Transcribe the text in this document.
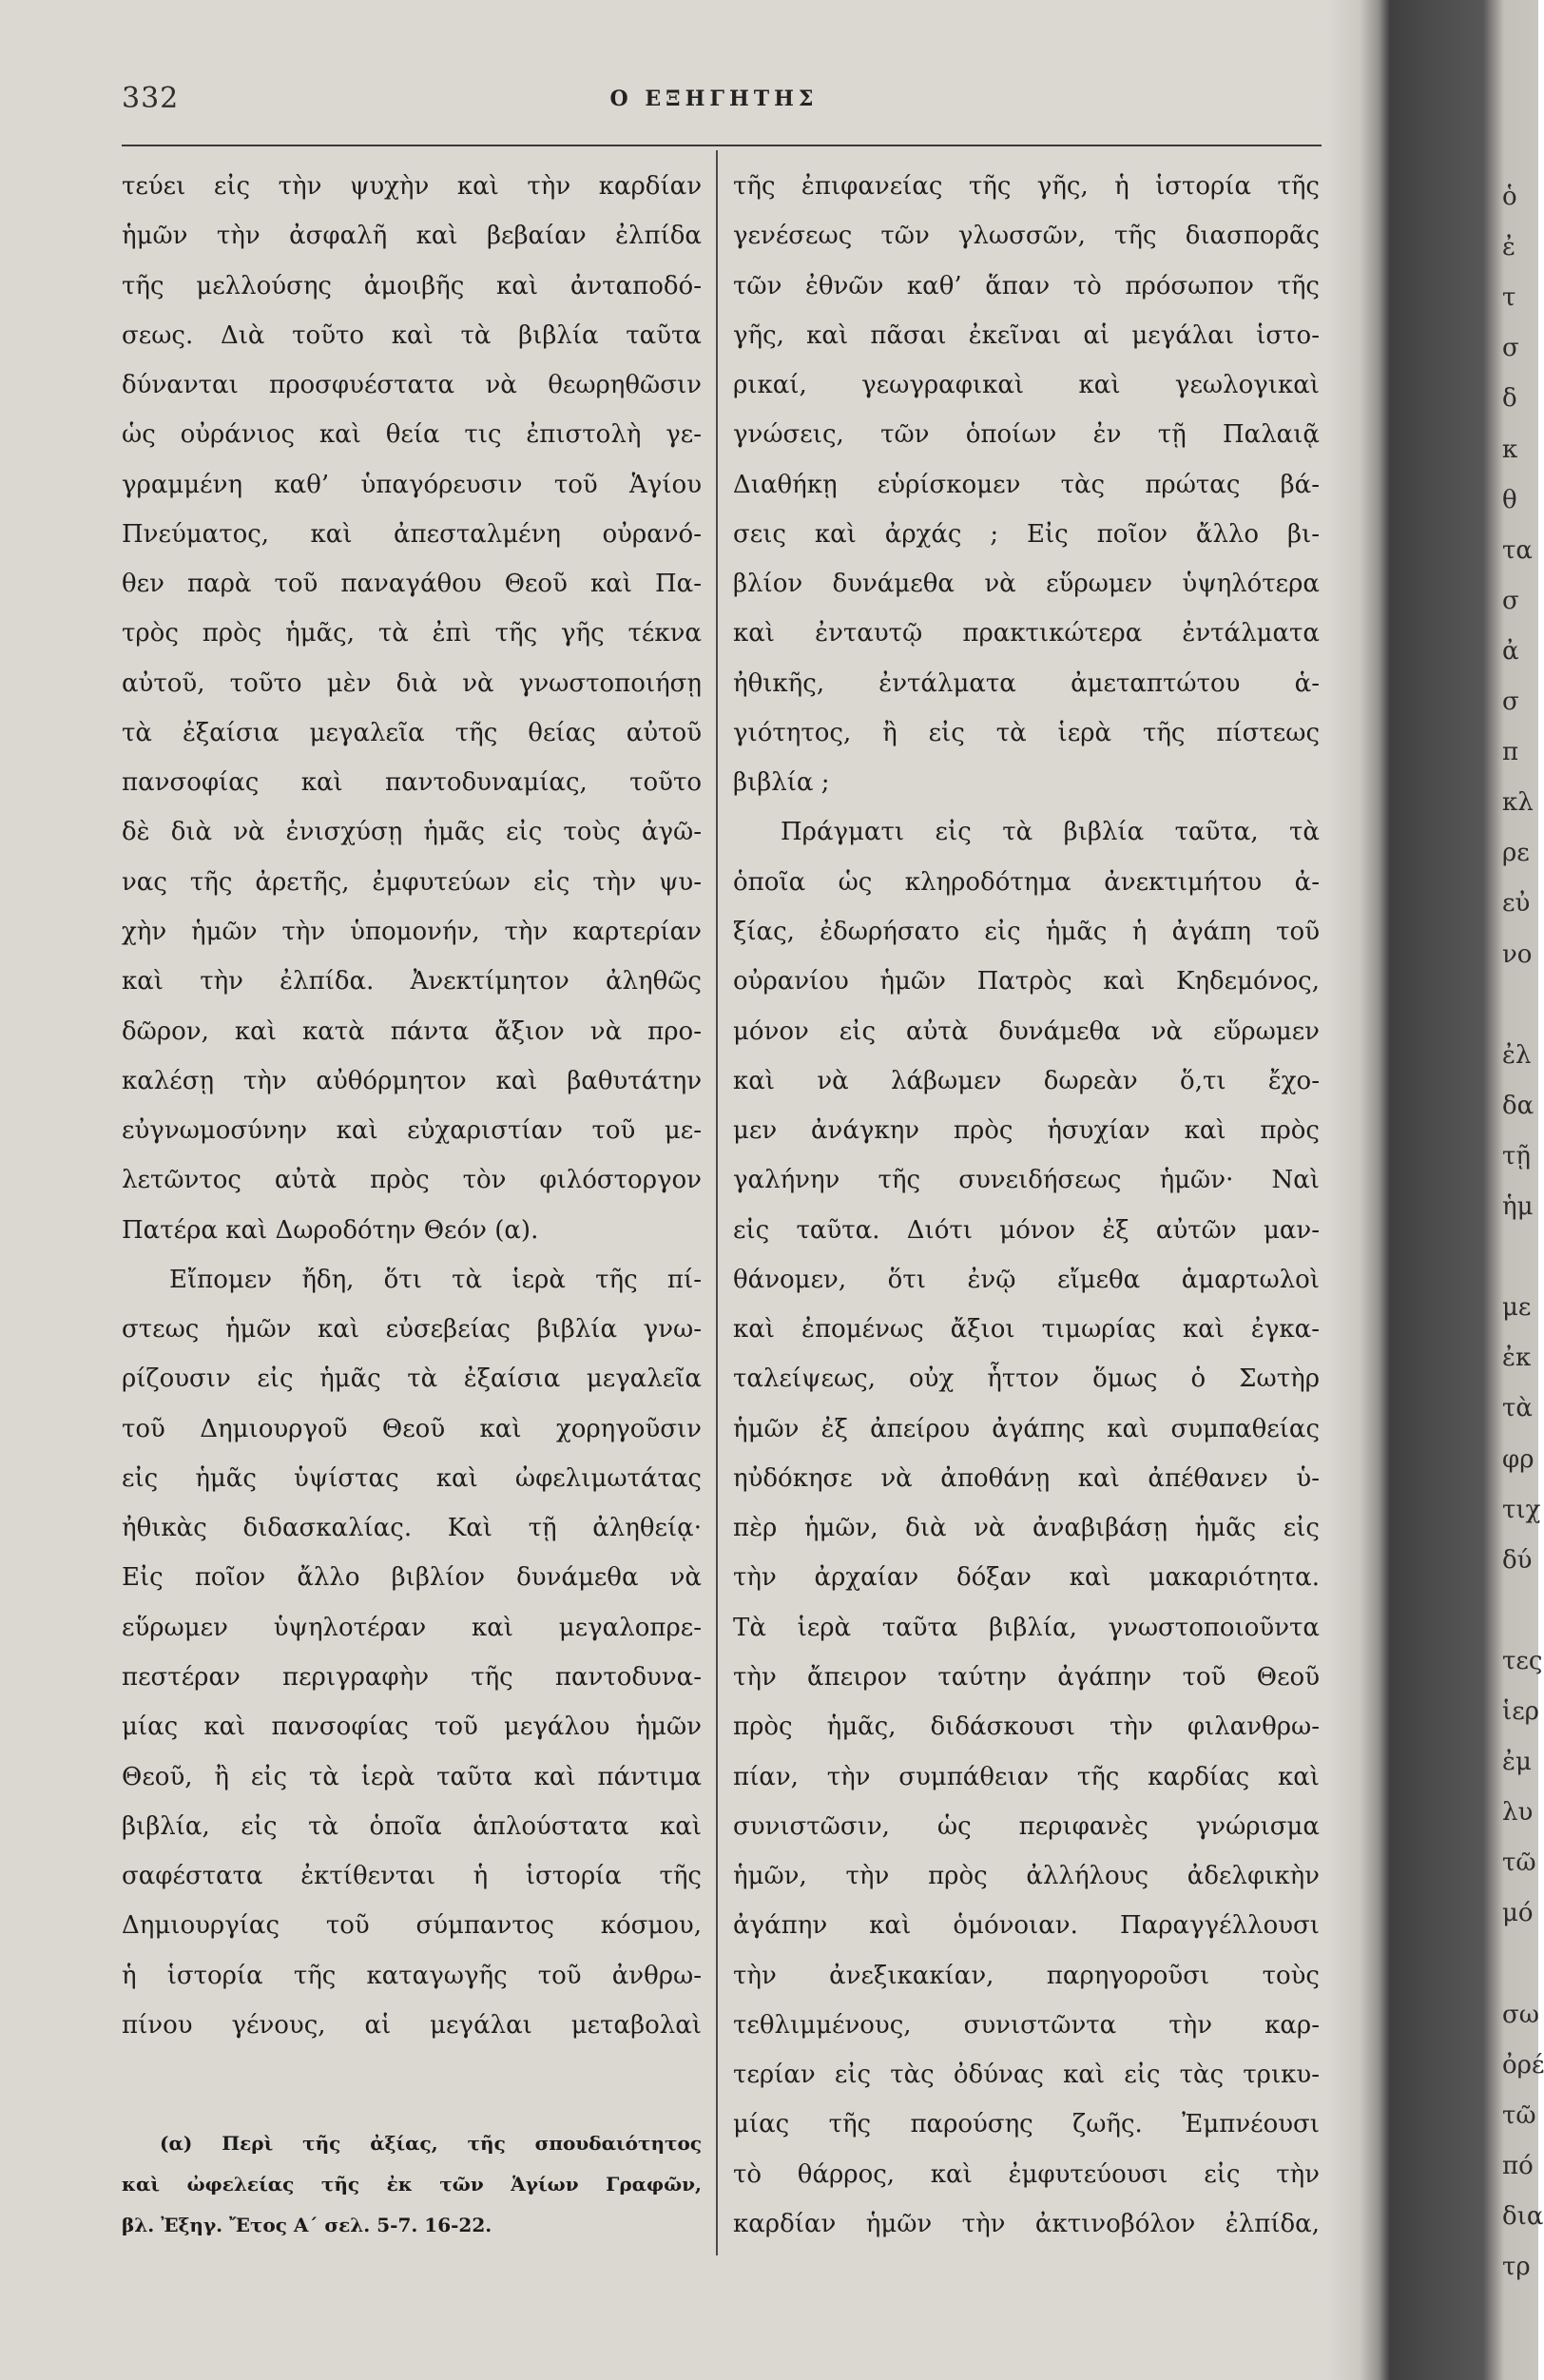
332	Ο ΕΞΗΓΗΤΗΣ
τεύει εἰς τὴν ψυχὴν καὶ τὴν καρδίαν
ἡμῶν τὴν ἀσφαλῆ καὶ βεβαίαν ἐλπίδα
τῆς μελλούσης ἀμοιβῆς καὶ ἀνταποδό-
σεως. Διὰ τοῦτο καὶ τὰ βιβλία ταῦτα
δύνανται προσφυέστατα νὰ θεωρηθῶσιν
ὡς οὐράνιος καὶ θεία τις ἐπιστολὴ γε-
γραμμένη καθ’ ὑπαγόρευσιν τοῦ Ἁγίου
Πνεύματος, καὶ ἀπεσταλμένη οὐρανό-
θεν παρὰ τοῦ παναγάθου Θεοῦ καὶ Πα-
τρὸς πρὸς ἡμᾶς, τὰ ἐπὶ τῆς γῆς τέκνα
αὐτοῦ, τοῦτο μὲν διὰ νὰ γνωστοποιήσῃ
τὰ ἐξαίσια μεγαλεῖα τῆς θείας αὐτοῦ
πανσοφίας καὶ παντοδυναμίας, τοῦτο
δὲ διὰ νὰ ἐνισχύσῃ ἡμᾶς εἰς τοὺς ἀγῶ-
νας τῆς ἀρετῆς, ἐμφυτεύων εἰς τὴν ψυ-
χὴν ἡμῶν τὴν ὑπομονήν, τὴν καρτερίαν
καὶ τὴν ἐλπίδα. Ἀνεκτίμητον ἀληθῶς
δῶρον, καὶ κατὰ πάντα ἄξιον νὰ προ-
καλέσῃ τὴν αὐθόρμητον καὶ βαθυτάτην
εὐγνωμοσύνην καὶ εὐχαριστίαν τοῦ με-
λετῶντος αὐτὰ πρὸς τὸν φιλόστοργον
Πατέρα καὶ Δωροδότην Θεόν (α).
Εἴπομεν ἤδη, ὅτι τὰ ἱερὰ τῆς πί-
στεως ἡμῶν καὶ εὐσεβείας βιβλία γνω-
ρίζουσιν εἰς ἡμᾶς τὰ ἐξαίσια μεγαλεῖα
τοῦ Δημιουργοῦ Θεοῦ καὶ χορηγοῦσιν
εἰς ἡμᾶς ὑψίστας καὶ ὠφελιμωτάτας
ἠθικὰς διδασκαλίας. Καὶ τῇ ἀληθείᾳ·
Εἰς ποῖον ἄλλο βιβλίον δυνάμεθα νὰ
εὕρωμεν ὑψηλοτέραν καὶ μεγαλοπρε-
πεστέραν περιγραφὴν τῆς παντοδυνα-
μίας καὶ πανσοφίας τοῦ μεγάλου ἡμῶν
Θεοῦ, ἢ εἰς τὰ ἱερὰ ταῦτα καὶ πάντιμα
βιβλία, εἰς τὰ ὁποῖα ἁπλούστατα καὶ
σαφέστατα ἐκτίθενται ἡ ἱστορία τῆς
Δημιουργίας τοῦ σύμπαντος κόσμου,
ἡ ἱστορία τῆς καταγωγῆς τοῦ ἀνθρω-
πίνου γένους, αἱ μεγάλαι μεταβολαὶ
τῆς ἐπιφανείας τῆς γῆς, ἡ ἱστορία τῆς
γενέσεως τῶν γλωσσῶν, τῆς διασπορᾶς
τῶν ἐθνῶν καθ’ ἅπαν τὸ πρόσωπον τῆς
γῆς, καὶ πᾶσαι ἐκεῖναι αἱ μεγάλαι ἱστο-
ρικαί, γεωγραφικαὶ καὶ γεωλογικαὶ
γνώσεις, τῶν ὁποίων ἐν τῇ Παλαιᾷ
Διαθήκῃ εὑρίσκομεν τὰς πρώτας βά-
σεις καὶ ἀρχάς ; Εἰς ποῖον ἄλλο βι-
βλίον δυνάμεθα νὰ εὕρωμεν ὑψηλότερα
καὶ ἐνταυτῷ πρακτικώτερα ἐντάλματα
ἠθικῆς, ἐντάλματα ἀμεταπτώτου ἁ-
γιότητος, ἢ εἰς τὰ ἱερὰ τῆς πίστεως
βιβλία ;
Πράγματι εἰς τὰ βιβλία ταῦτα, τὰ
ὁποῖα ὡς κληροδότημα ἀνεκτιμήτου ἀ-
ξίας, ἐδωρήσατο εἰς ἡμᾶς ἡ ἀγάπη τοῦ
οὐρανίου ἡμῶν Πατρὸς καὶ Κηδεμόνος,
μόνον εἰς αὐτὰ δυνάμεθα νὰ εὕρωμεν
καὶ νὰ λάβωμεν δωρεὰν ὅ,τι ἔχο-
μεν ἀνάγκην πρὸς ἡσυχίαν καὶ πρὸς
γαλήνην τῆς συνειδήσεως ἡμῶν· Ναὶ
εἰς ταῦτα. Διότι μόνον ἐξ αὐτῶν μαν-
θάνομεν, ὅτι ἐνῷ εἴμεθα ἁμαρτωλοὶ
καὶ ἐπομένως ἄξιοι τιμωρίας καὶ ἐγκα-
ταλείψεως, οὐχ ἧττον ὅμως ὁ Σωτὴρ
ἡμῶν ἐξ ἀπείρου ἀγάπης καὶ συμπαθείας
ηὐδόκησε νὰ ἀποθάνῃ καὶ ἀπέθανεν ὑ-
πὲρ ἡμῶν, διὰ νὰ ἀναβιβάσῃ ἡμᾶς εἰς
τὴν ἀρχαίαν δόξαν καὶ μακαριότητα.
Τὰ ἱερὰ ταῦτα βιβλία, γνωστοποιοῦντα
τὴν ἄπειρον ταύτην ἀγάπην τοῦ Θεοῦ
πρὸς ἡμᾶς, διδάσκουσι τὴν φιλανθρω-
πίαν, τὴν συμπάθειαν τῆς καρδίας καὶ
συνιστῶσιν, ὡς περιφανὲς γνώρισμα
ἡμῶν, τὴν πρὸς ἀλλήλους ἀδελφικὴν
ἀγάπην καὶ ὁμόνοιαν. Παραγγέλλουσι
τὴν ἀνεξικακίαν, παρηγοροῦσι τοὺς
τεθλιμμένους, συνιστῶντα τὴν καρ-
τερίαν εἰς τὰς ὀδύνας καὶ εἰς τὰς τρικυ-
μίας τῆς παρούσης ζωῆς. Ἐμπνέουσι
τὸ θάρρος, καὶ ἐμφυτεύουσι εἰς τὴν
καρδίαν ἡμῶν τὴν ἀκτινοβόλον ἐλπίδα,
(α) Περὶ τῆς ἀξίας, τῆς σπουδαιότητος
καὶ ὠφελείας τῆς ἐκ τῶν Ἁγίων Γραφῶν,
βλ. Ἐξηγ. Ἔτος Α΄ σελ. 5-7. 16-22.
ὁ
ἐ
τ
σ
δ
κ
θ
τα
σ
ἀ
σ
π
κλ
ρε
εὐ
νο
ἐλ
δα
τῇ
ἡμ
με
ἐκ
τὰ
φρ
τιχ
δύ
τες
ἱερ
ἐμ
λυ
τῶ
μό
σω
ὀρέ
τῶ
πό
δια
τρ
